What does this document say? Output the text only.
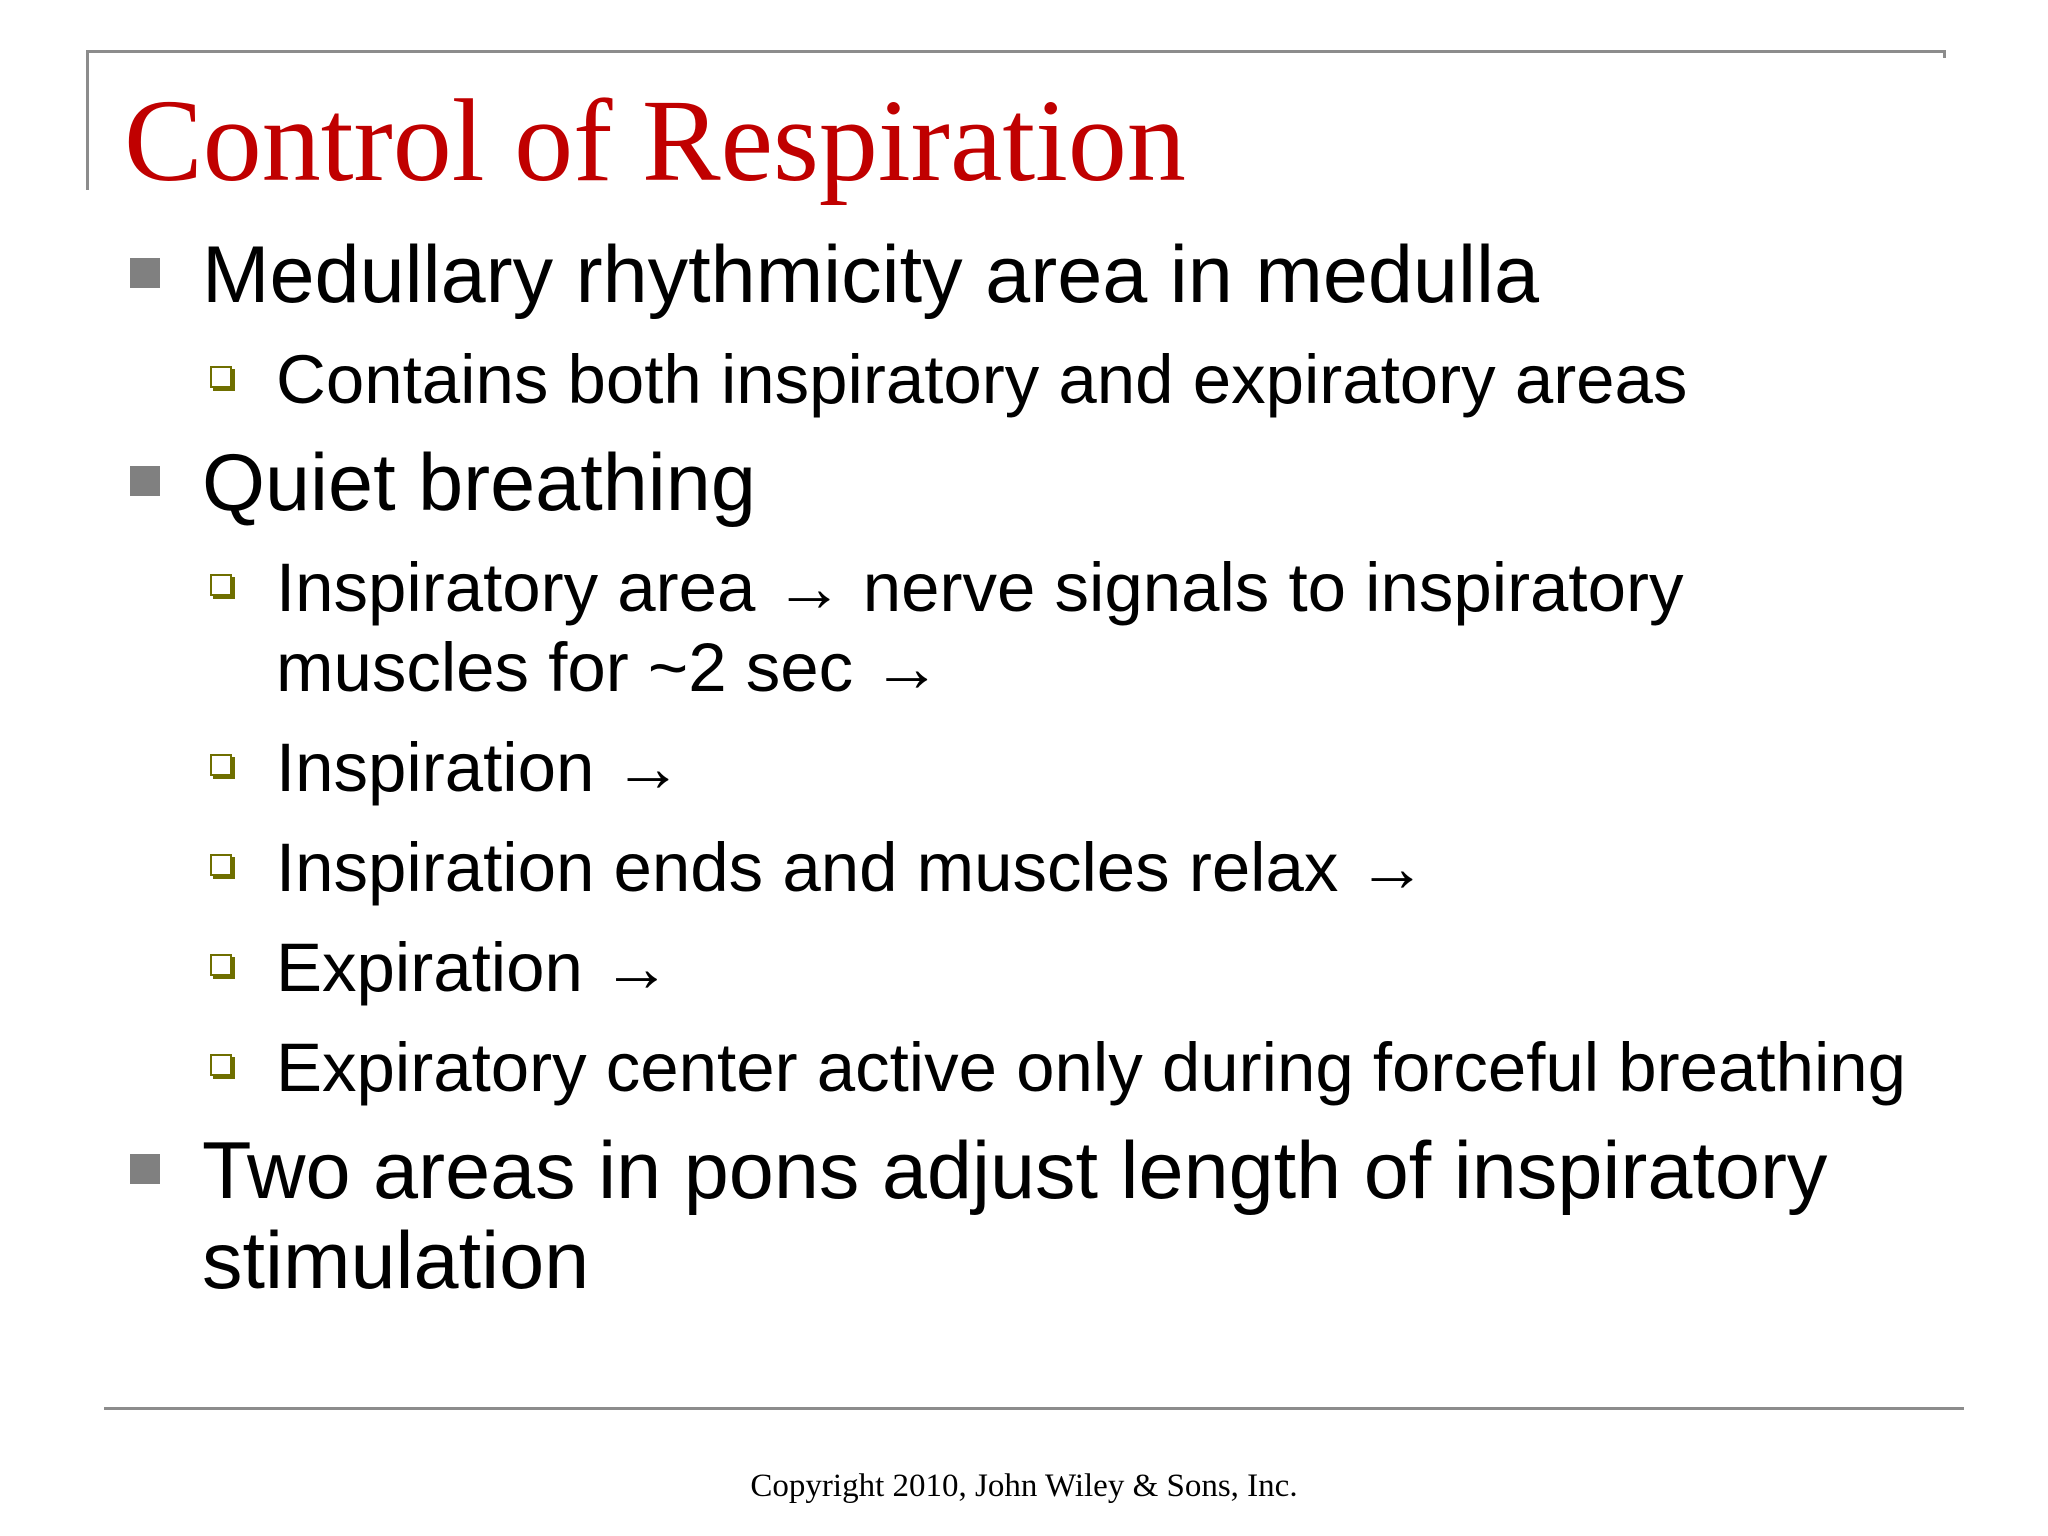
Control of Respiration
Medullary rhythmicity area in medulla
Contains both inspiratory and expiratory areas
Quiet breathing
Inspiratory area → nerve signals to inspiratory muscles for ~2 sec →
Inspiration →
Inspiration ends and muscles relax →
Expiration →
Expiratory center active only during forceful breathing
Two areas in pons adjust length of inspiratory stimulation
Copyright 2010, John Wiley & Sons, Inc.
